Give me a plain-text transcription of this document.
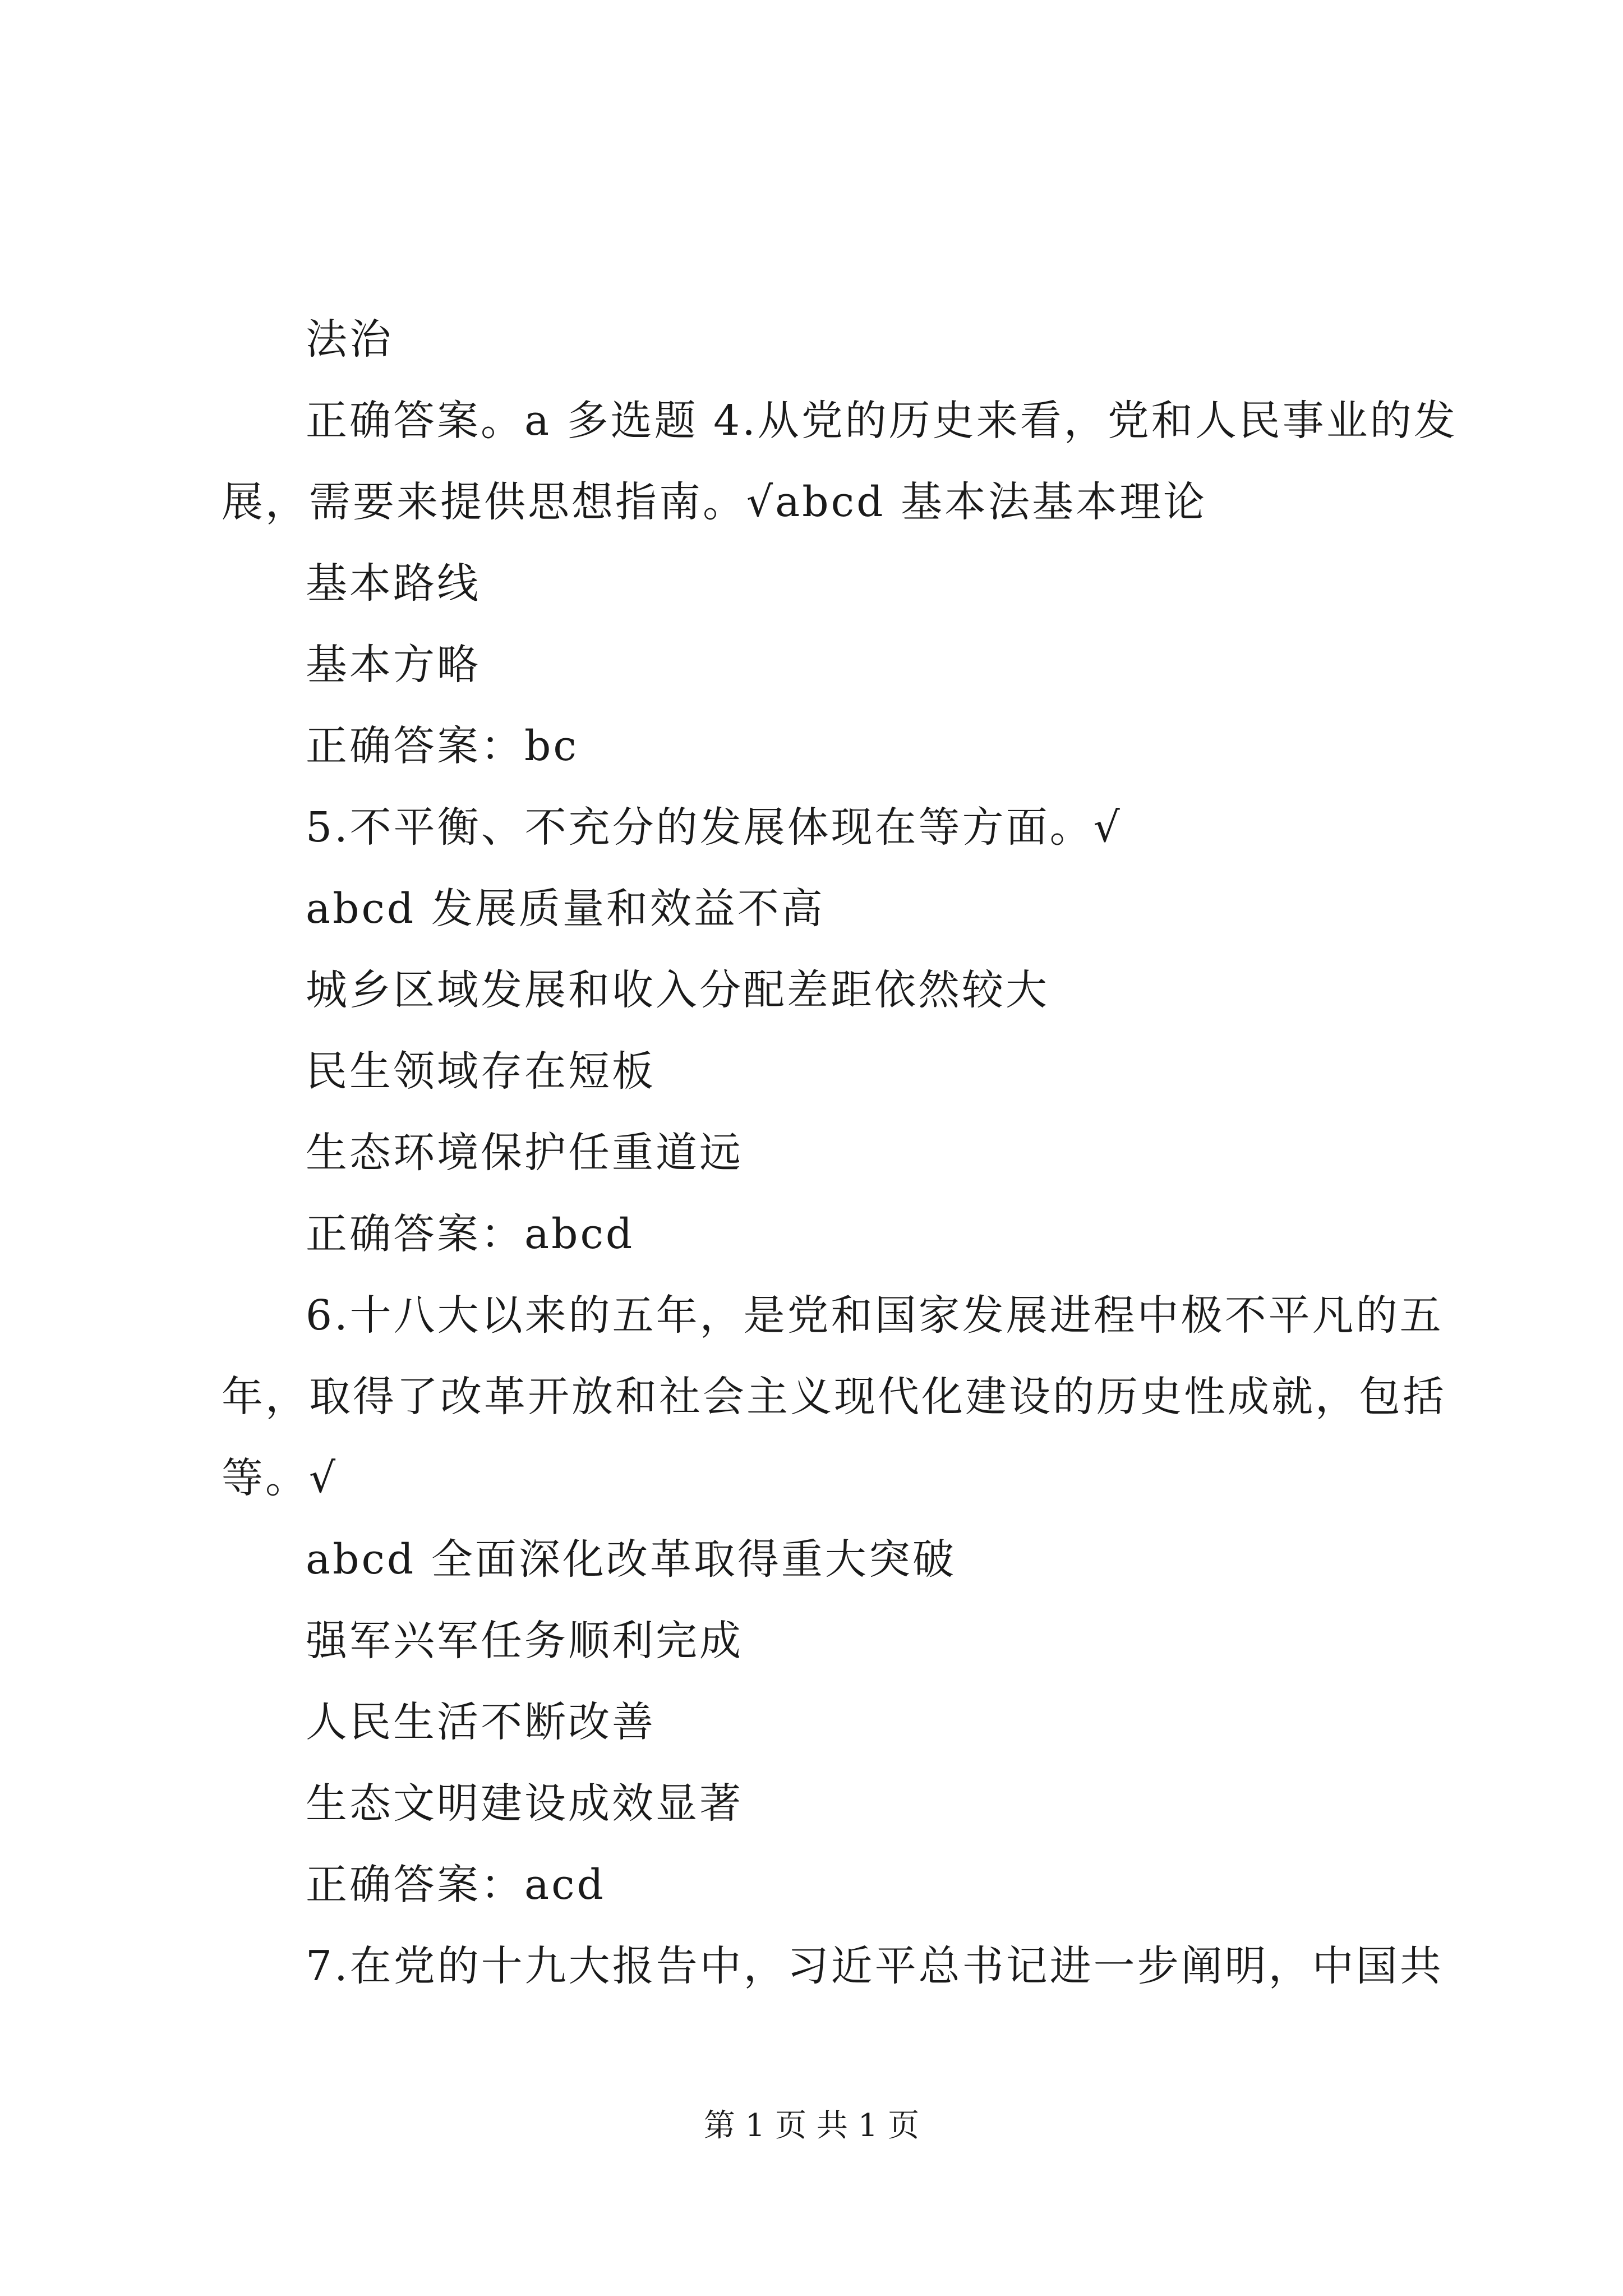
法治
正确答案。a 多选题 4.从党的历史来看，党和人民事业的发
展，需要来提供思想指南。√abcd 基本法基本理论
基本路线
基本方略
正确答案：bc
5.不平衡、不充分的发展体现在等方面。√
abcd 发展质量和效益不高
城乡区域发展和收入分配差距依然较大
民生领域存在短板
生态环境保护任重道远
正确答案：abcd
6.十八大以来的五年，是党和国家发展进程中极不平凡的五
年，取得了改革开放和社会主义现代化建设的历史性成就，包括
等。√
abcd 全面深化改革取得重大突破
强军兴军任务顺利完成
人民生活不断改善
生态文明建设成效显著
正确答案：acd
7.在党的十九大报告中，习近平总书记进一步阐明，中国共
第 1 页 共 1 页
